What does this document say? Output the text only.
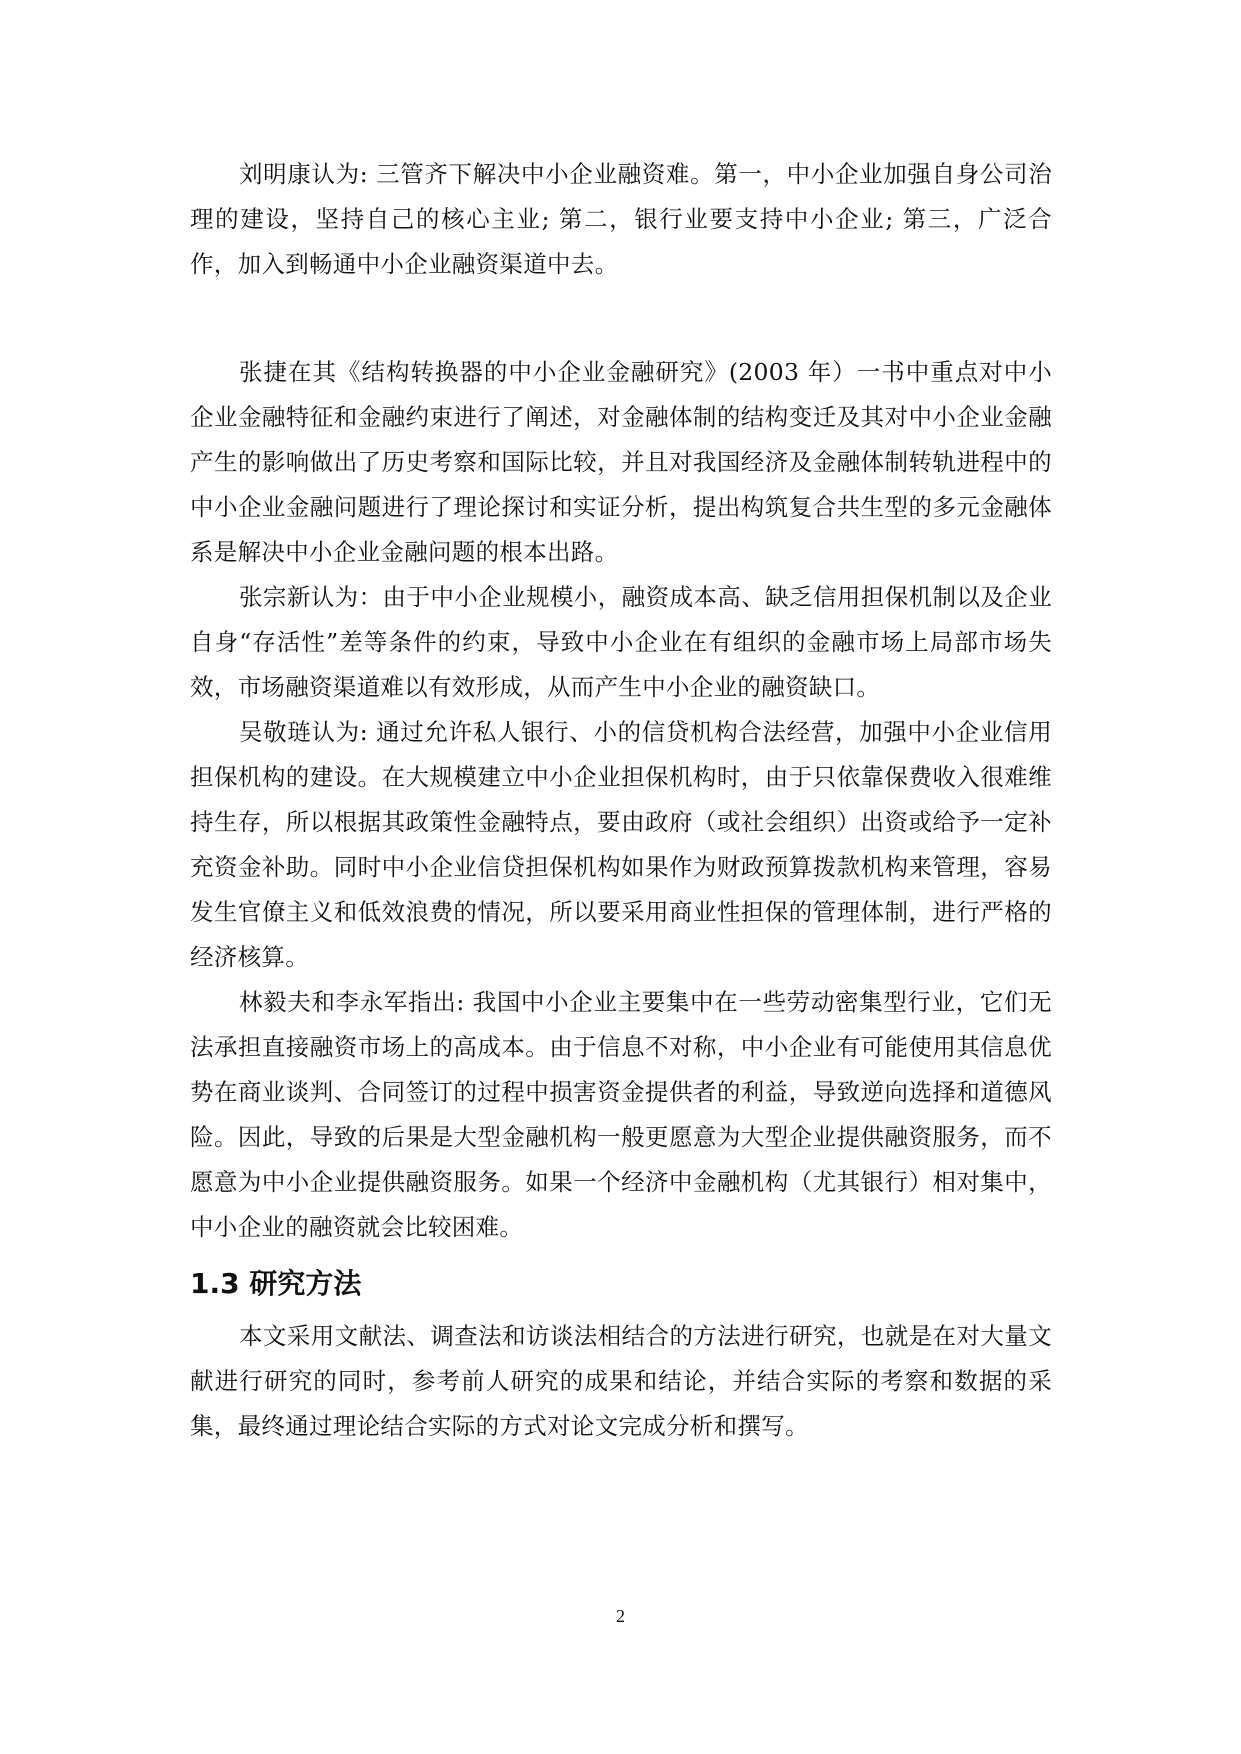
刘明康认为: 三管齐下解决中小企业融资难。第一，中小企业加强自身公司治理的建设，坚持自己的核心主业; 第二，银行业要支持中小企业; 第三，广泛合作，加入到畅通中小企业融资渠道中去。

张捷在其《结构转换器的中小企业金融研究》(2003 年）一书中重点对中小企业金融特征和金融约束进行了阐述，对金融体制的结构变迁及其对中小企业金融产生的影响做出了历史考察和国际比较，并且对我国经济及金融体制转轨进程中的中小企业金融问题进行了理论探讨和实证分析，提出构筑复合共生型的多元金融体系是解决中小企业金融问题的根本出路。

张宗新认为：由于中小企业规模小，融资成本高、缺乏信用担保机制以及企业自身“存活性”差等条件的约束，导致中小企业在有组织的金融市场上局部市场失效，市场融资渠道难以有效形成，从而产生中小企业的融资缺口。

吴敬琏认为: 通过允许私人银行、小的信贷机构合法经营，加强中小企业信用担保机构的建设。在大规模建立中小企业担保机构时，由于只依靠保费收入很难维持生存，所以根据其政策性金融特点，要由政府（或社会组织）出资或给予一定补充资金补助。同时中小企业信贷担保机构如果作为财政预算拨款机构来管理，容易发生官僚主义和低效浪费的情况，所以要采用商业性担保的管理体制，进行严格的经济核算。

林毅夫和李永军指出: 我国中小企业主要集中在一些劳动密集型行业，它们无法承担直接融资市场上的高成本。由于信息不对称，中小企业有可能使用其信息优势在商业谈判、合同签订的过程中损害资金提供者的利益，导致逆向选择和道德风险。因此，导致的后果是大型金融机构一般更愿意为大型企业提供融资服务，而不愿意为中小企业提供融资服务。如果一个经济中金融机构（尤其银行）相对集中，中小企业的融资就会比较困难。

1.3 研究方法

本文采用文献法、调查法和访谈法相结合的方法进行研究，也就是在对大量文献进行研究的同时，参考前人研究的成果和结论，并结合实际的考察和数据的采集，最终通过理论结合实际的方式对论文完成分析和撰写。

2
